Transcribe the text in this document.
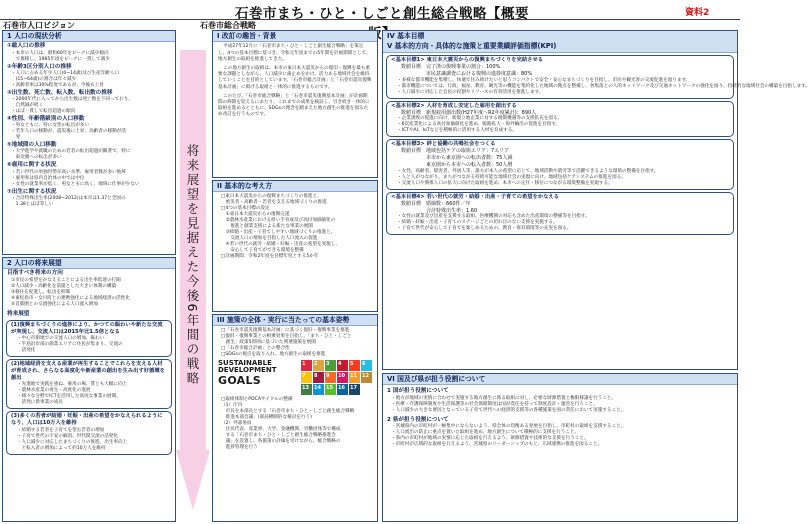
石巻市まち・ひと・しごと創生総合戦略【概要	資料2
石巻市人口ビジョン	石巻市総合戦略
1 人口の現状分析
①総人口の推移
・本市の人口は、昭和60年をピークに減少傾向
　で推移し、1985年頃をピークに一貫して減少
②年齢3区分別人口の推移
・人口に占める年少人口(0~14歳)及び生産年齢人口
　(15~64歳)の割合は年々減少
・高齢者率は30%程度であるが、今後も上昇
③出生数、死亡数、転入数、転出数の推移
・2000年代に入ってから出生数は死亡数を下回っており、
　自然減が続く
・ほぼ一貫して転出超過の傾向
④性別、年齢階級別の人口移動
・男女ともに、特に女性の転出が多い
・若年人口の移動が、震災後に上昇、高齢者の移動が活
　発
⑤地域間の人口移動
・大学進学や就職のための若者の転出超過が顕著で、特に
　東北圏への転出が多い
⑥雇用に関する状況
・若い世代の単独世帯が高い水準、雇用者数が多い地域
・雇用率は県内自治体の中では中位
・女性の就業率が低く、男女ともに高く、地域に仕事が少ない
⑦出生に関する状況
・合計特殊出生率(2008~2012)は本市は1.37と全国の
　1.38とほぼ等しい
2 人口の将来展望
目指すべき将来の方向
①市民の希望をかなえることによる出生率低迷の打開
②人口減少・高齢化を前提とした大きい体制の構築
③移住を促進し、転出を抑制
④東松島市・女川町との連携強化による地域経済の活性化
⑤首都圏との交流強化による人口流入増加
将来展望
(1)復興まちづくりの進捗により、かつての賑わいや新たな交流が実現し、交流人口は2015年比1.5倍となる
・中心市街地での交流人口の増加、賑わい
・半島沿岸部の漁業エリアに住民が集まり、交流の
　活発化
(2)地域経済を支える産業が再生することでこれらを支える人材が育成され、さらなる高度化や新産業の創出を生み出す好循環を創出
・先進地で実践を重ね、雇用の場、質とも大幅に向上
・農林水産業の再生・高度化の進展
・様々な分野でICTを活用した高度な事業の展開、
　活発に新事業の成長
(3)多くの若者が結婚・妊娠・出産の希望をかなえられるようになり、人口は10万人を維持
・結婚する若者を子育てを望む若者の増加
・子育て世代の不安の解消、世代間交流の活発化
・人口減少に対応したまちづくりの推進、出生率向上
　と転入者の増加によって約10万人を維持
将来展望を見据えた今後6年間の戦略
I 改訂の趣旨・背景
平成27年12月に「石巻市まち・ひと・しごと創生総合戦略」を策定し、4つの基本目標に基づき、令和元年度までの5年間を計画期間として、地方創生の取組を推進してきた。
この地方創生の取組は、本市の東日本大震災からの復旧・復興を最も重要な課題としながら、人口減少に歯止めをかけ、活力ある地域社会を維持していくことを目的としています。「石巻市総合計画」と「石巻市震災復興基本計画」に掲げる取組と一体的に推進するものです。
このたび、「石巻市総合戦略」と「石巻市震災復興基本計画」が計画期間の終期を迎えるにあたり、これまでの成果を検証し、引き続き一体的に取組を進めるとともに、SDGsの理念を踏まえた地方創生の推進を図るため改訂を行うものです。
II 基本的な考え方
□東日本大震災からの復興まちづくりの推進と、
　被災者・高齢者・若者を支える地域づくりの推進
□4つの基本目標の設定
　①東日本大震災からの復興完遂
　②農林水産業における担い手育成及び高付加価値化の
　　推進と創業支援による新たな事業の展開
　③結婚・出産・子育てしやすい地域づくりの推進と、
　　交流人口の増加を目指した人口流入の促進
　④若い世代の就労・結婚・妊娠・出産の希望を実現し、
　　安心して子育てができる環境を整備
□計画期間：令和2年度を目標年度とする5か年
III 施策の全体・実行に当たっての基本姿勢
□「石巻市震災復興基本計画」に基づく復旧・復興事業を推進
□復旧・復興事業との相乗効果を目指し、「まち・ひと・しごと
　創生」政策5原則に基づいた関連施策を展開
□「石巻市総合計画」との整合性
□SDGsの視点を取り入れ、地方創生の取組を推進
SUSTAINABLE DEVELOPMENT
GOALS
1	2	3	4	5	6
7	8	9	10	11	12
13	14	15	16	17
□取組体制とPDCAサイクルの整備
（1）庁内
　市長を本部長とする「石巻市まち・ひと・しごと創生総合戦略
　推進本部会議」(部局横断的な検討を行う)
（2）外部委員
　住民代表、産業界、大学、金融機関、労働団体等で構成
　する「石巻市まち・ひと・しごと創生総合戦略推進会
　議」を設置し、各施策の評価を受けながら、総合戦略の
　進捗管理を行う
IV 基本目標
V 基本的方向・具体的な施策と重要業績評価指標(KPI)
<基本目標1> 東日本大震災からの復興まちづくりを完結させる
数値目標　完了済の復興事業の割合：100%
　　　　　市民意識調査における復興の進捗度意識：80%
・多様な都市機能を集積し、快適で住み続けたいと思うコンパクトで安全・安心なまちづくりを目指し、市民や観光客の交流促進を図ります。
・都市機能については、行政、福祉、教育、観光等の機能を集約化した地域の拠点を整備し、各集落との人的ネットワーク及び交通ネットワークの強化を図り、持続的な地域社会の構築を目指します。
・人口減少に対応した官民の役割やリソースの有効活用を推進します。
<基本目標2> 人材を育成し安定した雇用を創出する
数値目標　新規雇用創出数(H27年度～R2年度累計)：890人
・企業誘致の促進に向け、新規立地企業に対する税制優遇等の支援拡充を図る。
・6次産業化による高付加価値化を進め、販路拡大・海外輸出の促進を目指す。
・ICTやAI、IoTなどを積極的に活用する人材を育成する。
<基本目標3> 絆と協働の共鳴社会をつくる
数値目標　地域包括ケアの取組エリア：7エリア
　　　　　本市から東京圏への転出者数：75人減
　　　　　東京圏から本市への転入者数：50人増
・女性、高齢者、障害者、外国人等、誰もが本人の希望に応じて、地域活動や就労等で活躍できるような環境の整備を目指す。
・人と人がつながり、まちがつながる持続可能な地域社会の実現に向け、地域包括ケアシステムの推進を図る。
・交流人口や関係人口の拡大に向けた取組を進め、本市への定住・移住につながる環境整備を実現する。
<基本目標4> 若い世代の就労・結婚・出産・子育ての希望をかなえる
数値目標　婚姻数：660件／年
　　　　　合計特殊出生率：1.60
・女性の就業及び出産を支援する取組、医療機関の対応も含めた出産環境の整備等を目指す。
・結婚・妊娠・出産・子育てのステージごとの切れ目のない支援を実施する。
・子育て世代が安心して子育てを楽しめるための、教育・保育環境等の充実を図る。
VI 国及び県が担う役割について
1 国が担う役割について
・地方が地域の実情に合わせて実施する地方創生に係る取組に対し、必要な財源措置と権限移譲を行うこと。
・医療・介護保険制度や生活保護等の社会保障制度は国が責任を持って制度設計・運営を行うこと。
・人口減少の大きな要因となっている子育て世代への経済的支援等の各種施策を国の責任において実施すること。
2 県が担う役割について
・宮城県内の市町村が一極集中にならないよう、県全体の均衡ある発展を目指し、市町村の取組を支援すること。
・人口流出の防止に重点を置いた取組を進め、地方創生について積極的に支援を行うこと。
・県内の市町村が地域の実情に応じた取組を行えるよう、財源措置や技術的な支援を行うこと。
・市町村が広域的な取組を行えるよう、宮城県のリーダーシップのもと、広域連携の推進を図ること。
